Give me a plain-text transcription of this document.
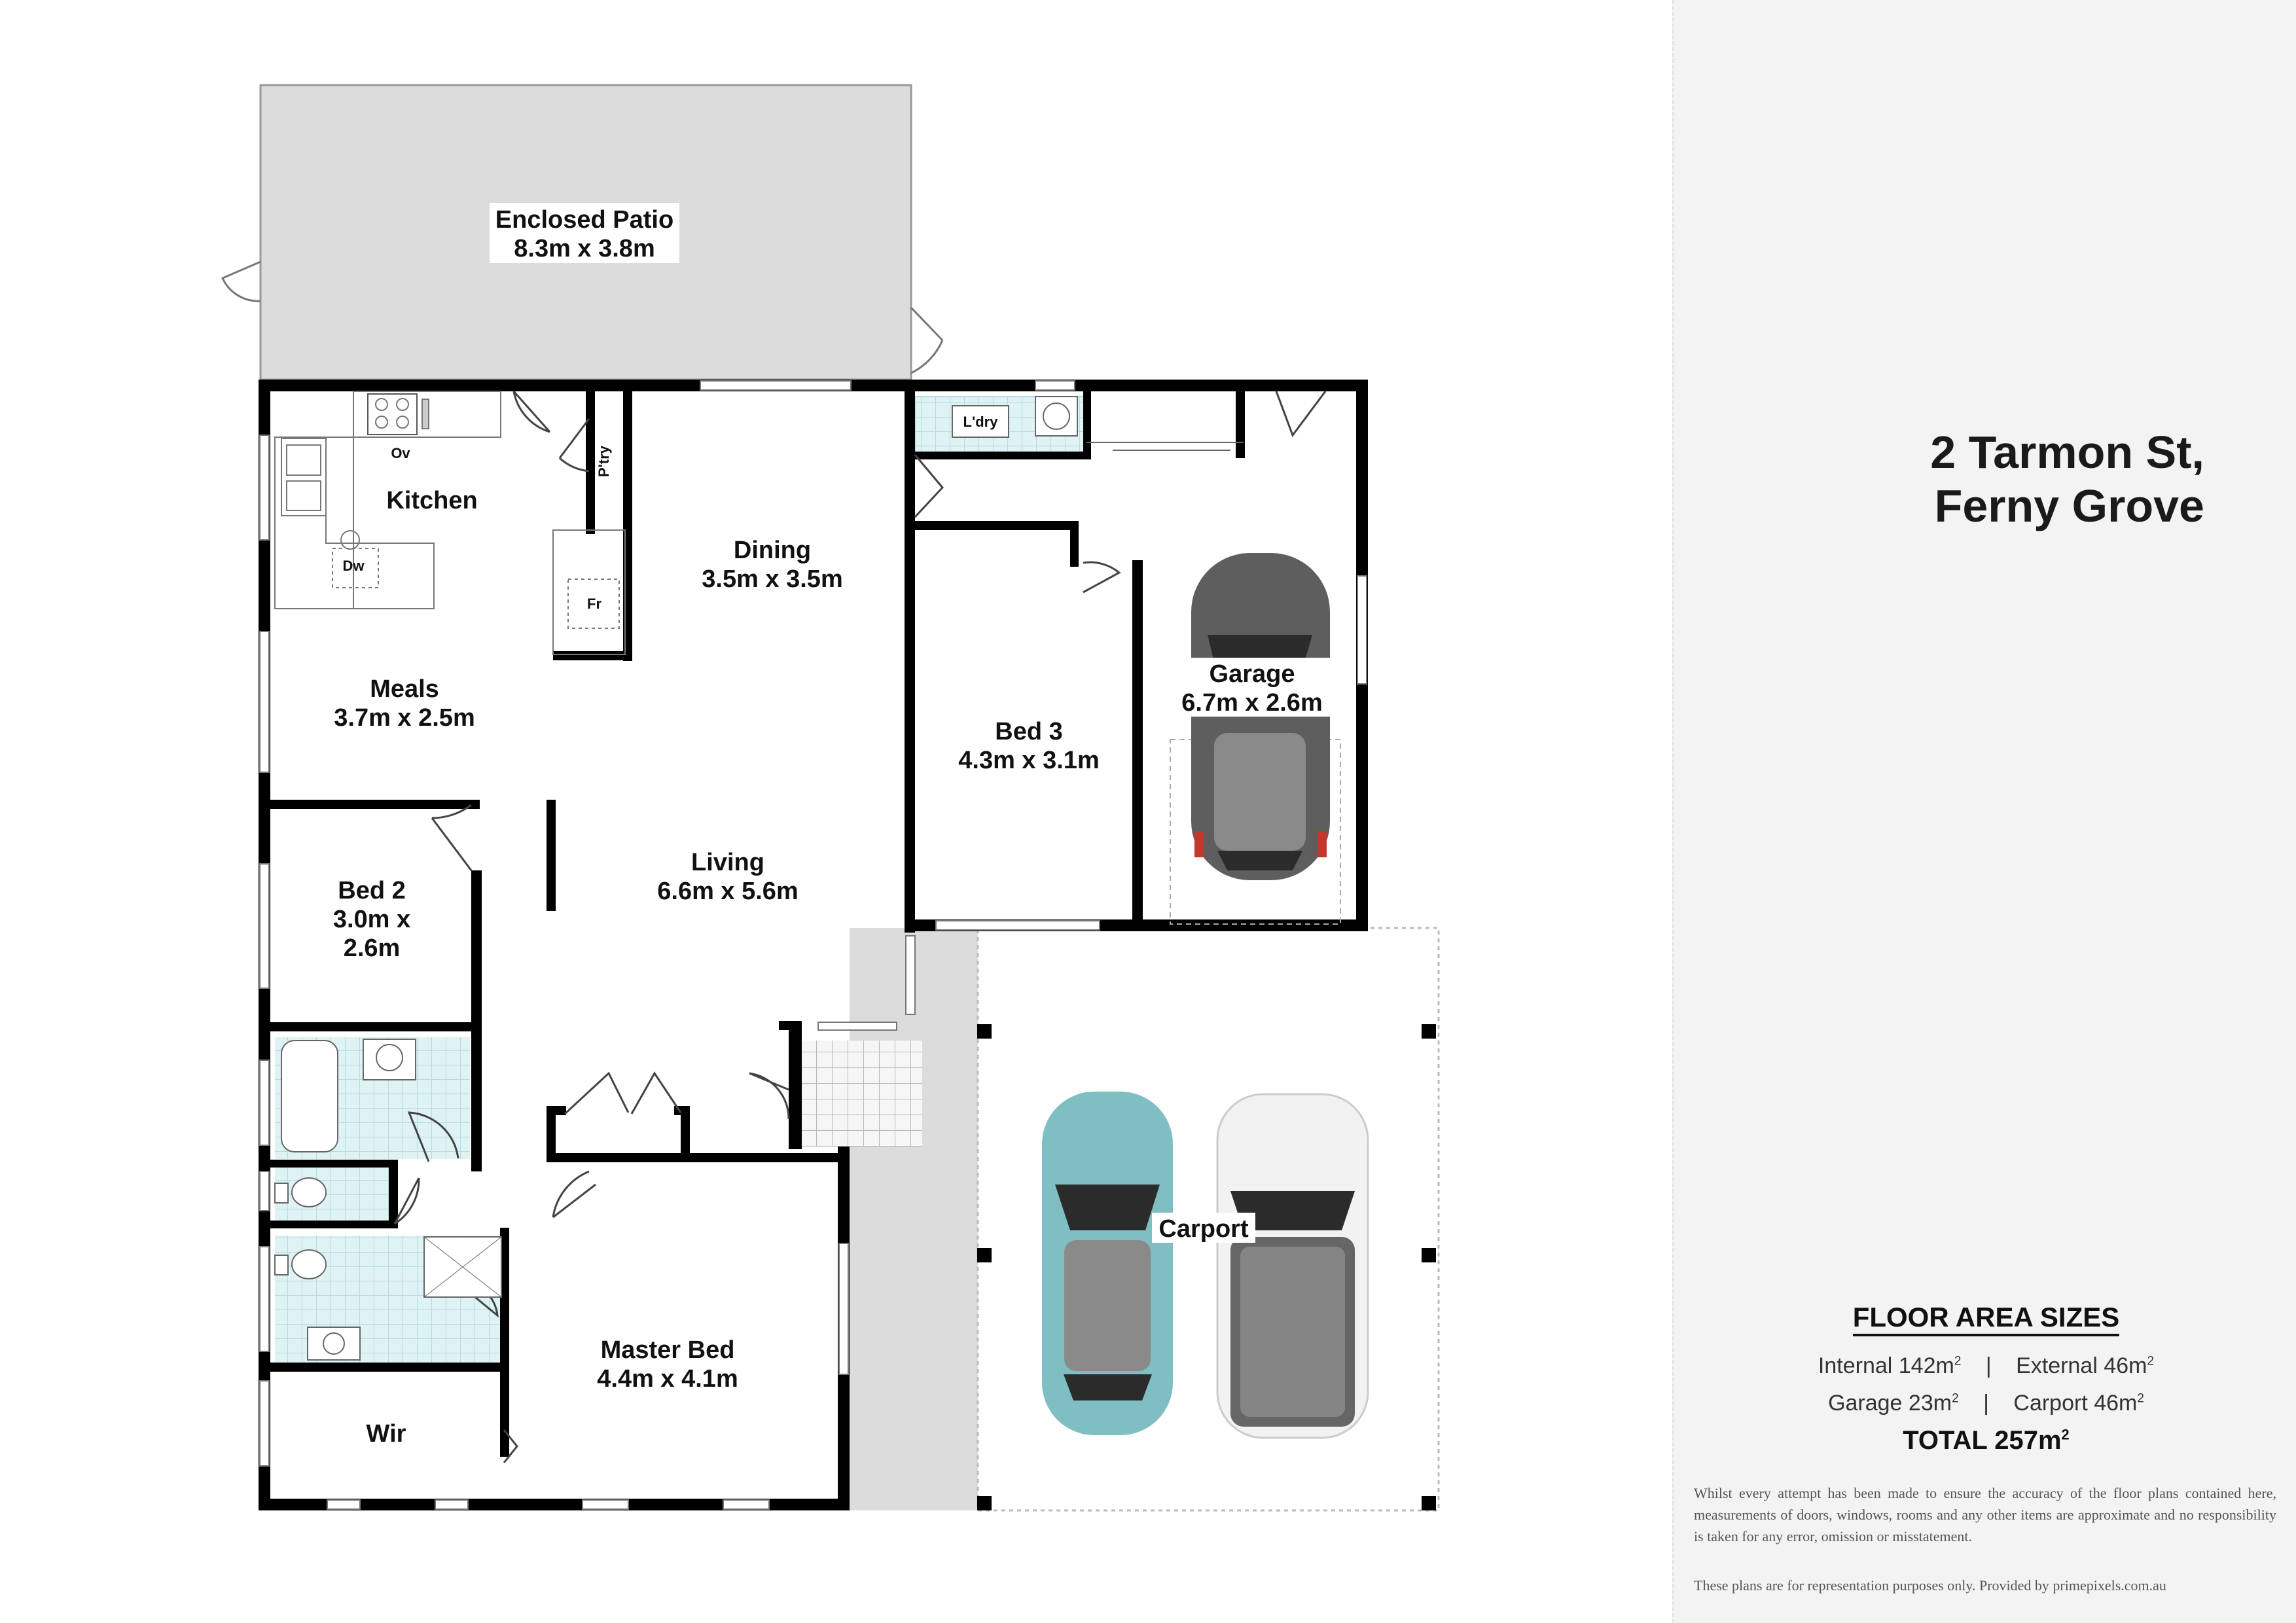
Ov
Dw
Fr
P'try
L'dry
Enclosed Patio
8.3m x 3.8m
Kitchen
Dining
3.5m x 3.5m
Meals
3.7m x 2.5m	Bed 3
4.3m x 3.1m
Garage
6.7m x 2.6m
Living
6.6m x 5.6m
Bed 2
3.0m x
2.6m
Carport
Master Bed
4.4m x 4.1m
Wir
2 Tarmon St,
Ferny Grove
FLOOR AREA SIZES
Internal $142m^2$ | External $46m^2$
Garage $23m^2$ | Carport $46m^2$
TOTAL $257m^2$
Whilst every attempt has been made to ensure the accuracy of the floor plans contained here, measurements of doors, windows, rooms and any other items are approximate and no responsibility is taken for any error, omission or misstatement.
These plans are for representation purposes only. Provided by primepixels.com.au
